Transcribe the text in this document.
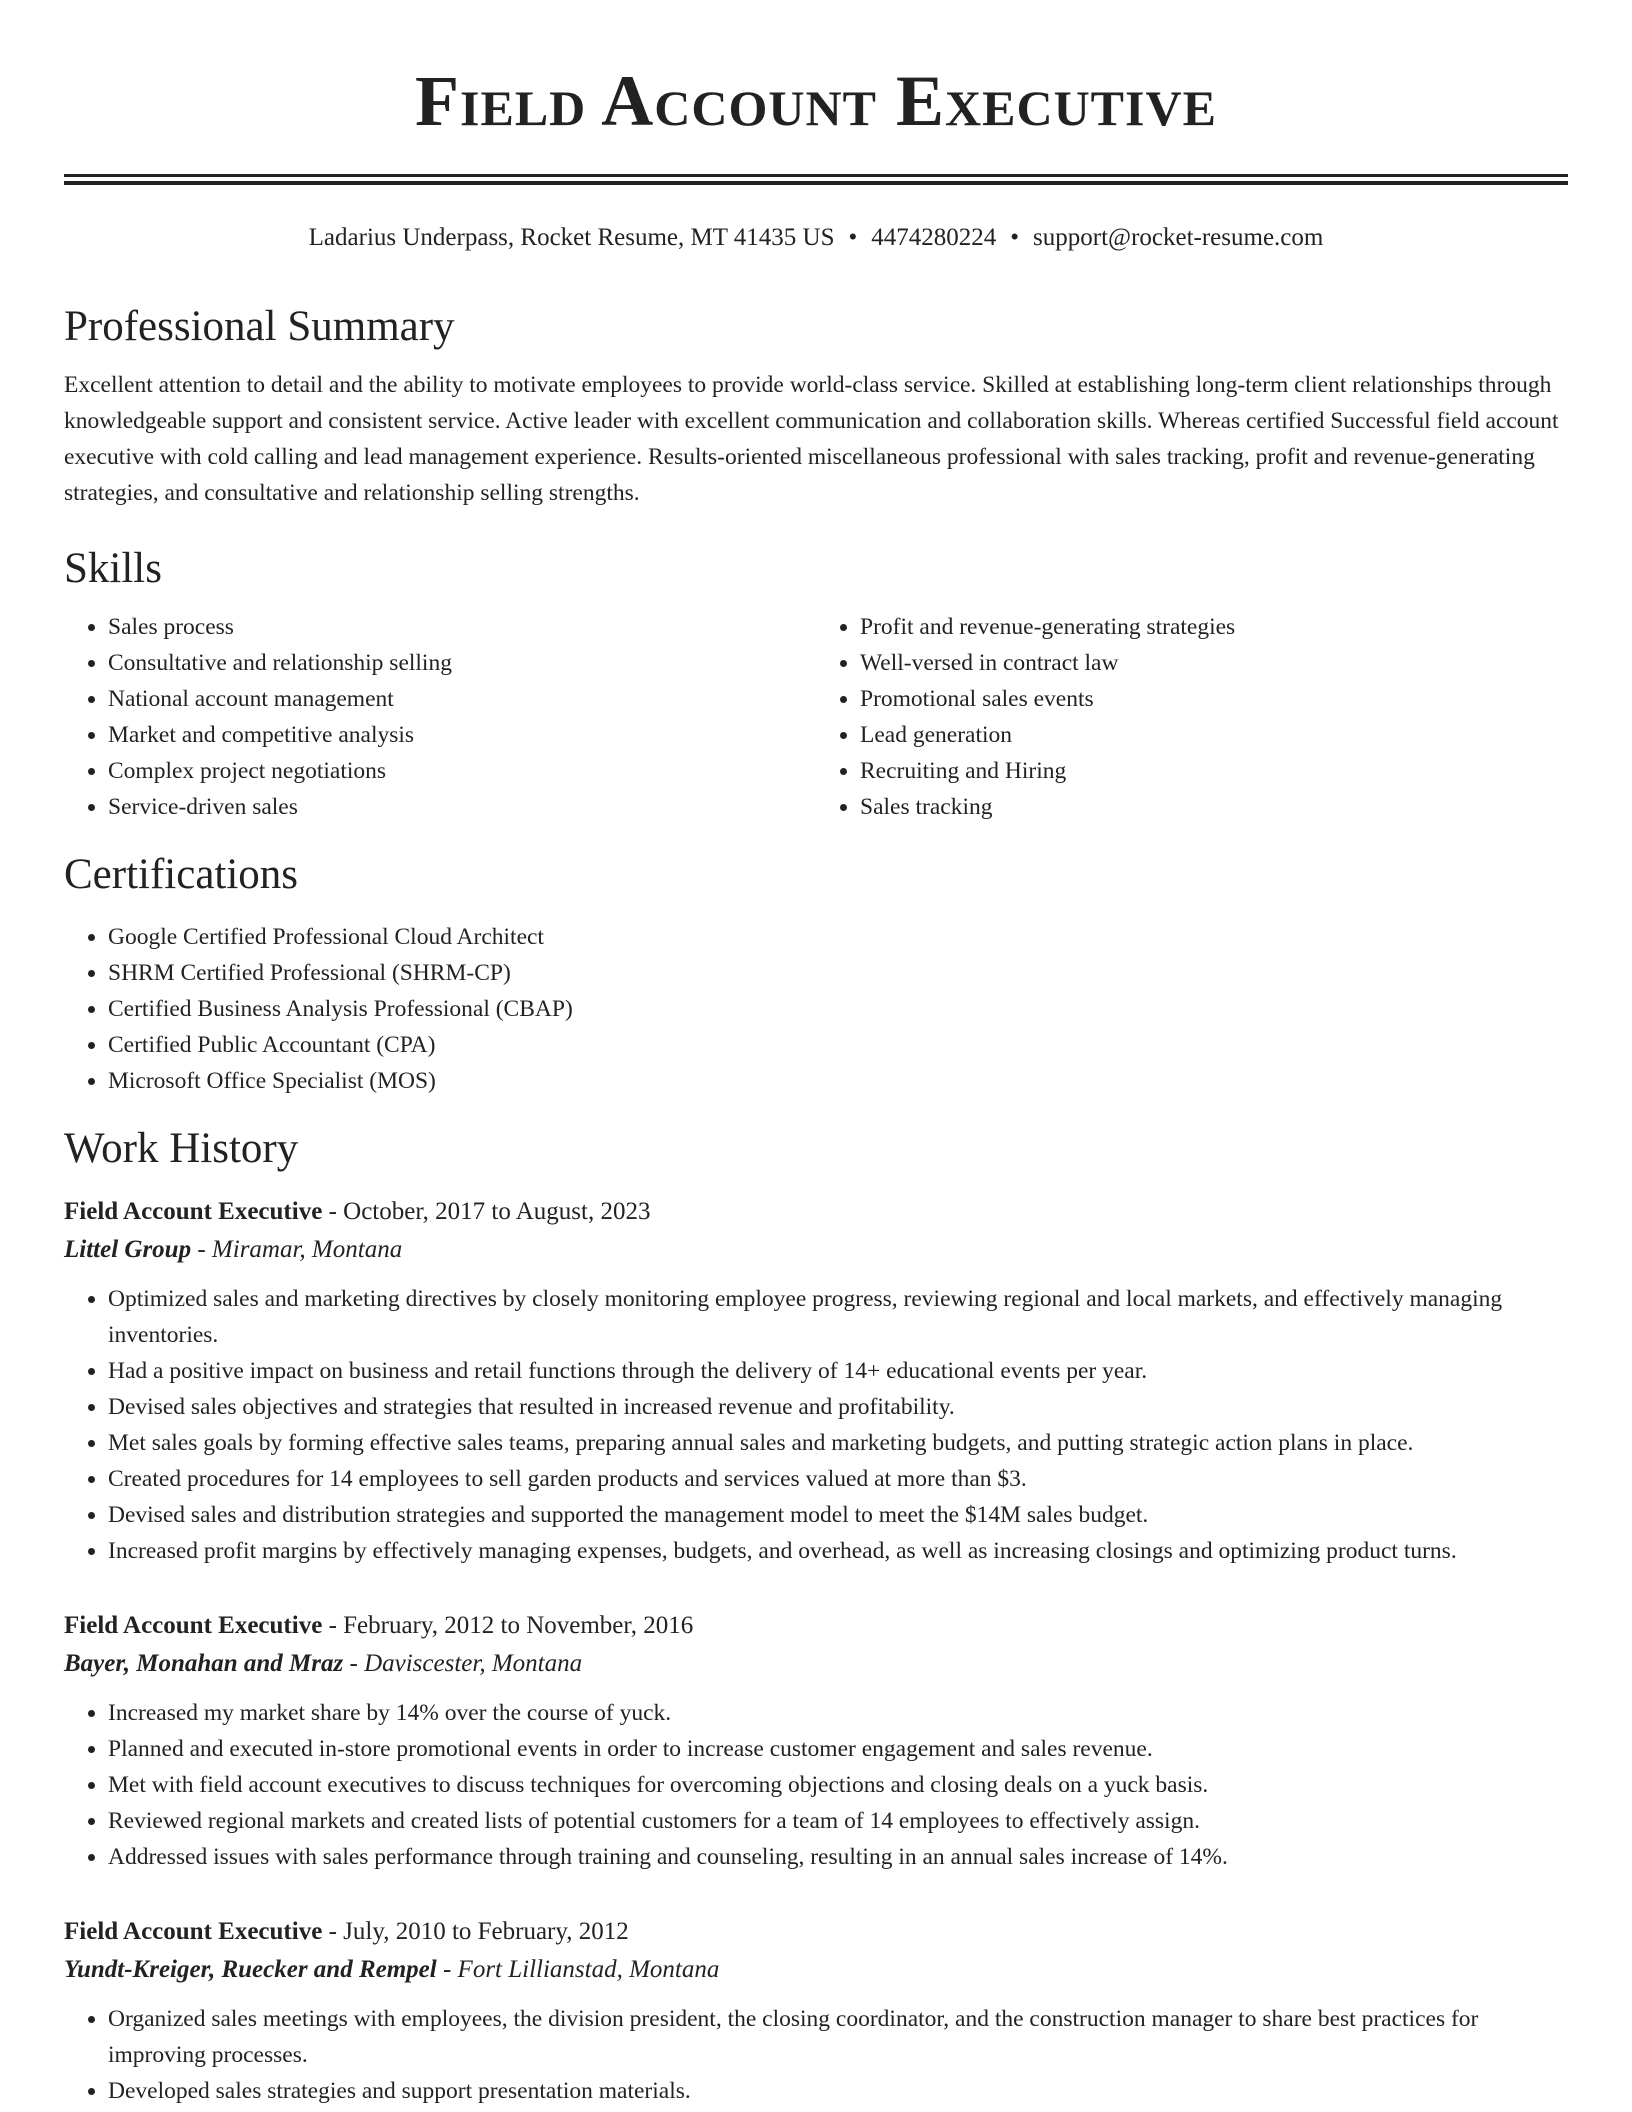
Field Account Executive
Ladarius Underpass, Rocket Resume, MT 41435 US • 4474280224 • support@rocket-resume.com
Professional Summary

Excellent attention to detail and the ability to motivate employees to provide world-class service. Skilled at establishing long-term client relationships through knowledgeable support and consistent service. Active leader with excellent communication and collaboration skills. Whereas certified Successful field account executive with cold calling and lead management experience. Results-oriented miscellaneous professional with sales tracking, profit and revenue-generating strategies, and consultative and relationship selling strengths.

Skills
• Sales process
• Consultative and relationship selling
• National account management
• Market and competitive analysis
• Complex project negotiations
• Service-driven sales
• Profit and revenue-generating strategies
• Well-versed in contract law
• Promotional sales events
• Lead generation
• Recruiting and Hiring
• Sales tracking
Certifications
• Google Certified Professional Cloud Architect
• SHRM Certified Professional (SHRM-CP)
• Certified Business Analysis Professional (CBAP)
• Certified Public Accountant (CPA)
• Microsoft Office Specialist (MOS)
Work History
Field Account Executive - October, 2017 to August, 2023
Littel Group - Miramar, Montana
• Optimized sales and marketing directives by closely monitoring employee progress, reviewing regional and local markets, and effectively managing inventories.
• Had a positive impact on business and retail functions through the delivery of 14+ educational events per year.
• Devised sales objectives and strategies that resulted in increased revenue and profitability.
• Met sales goals by forming effective sales teams, preparing annual sales and marketing budgets, and putting strategic action plans in place.
• Created procedures for 14 employees to sell garden products and services valued at more than $3.
• Devised sales and distribution strategies and supported the management model to meet the $14M sales budget.
• Increased profit margins by effectively managing expenses, budgets, and overhead, as well as increasing closings and optimizing product turns.
Field Account Executive - February, 2012 to November, 2016
Bayer, Monahan and Mraz - Daviscester, Montana
• Increased my market share by 14% over the course of yuck.
• Planned and executed in-store promotional events in order to increase customer engagement and sales revenue.
• Met with field account executives to discuss techniques for overcoming objections and closing deals on a yuck basis.
• Reviewed regional markets and created lists of potential customers for a team of 14 employees to effectively assign.
• Addressed issues with sales performance through training and counseling, resulting in an annual sales increase of 14%.
Field Account Executive - July, 2010 to February, 2012
Yundt-Kreiger, Ruecker and Rempel - Fort Lillianstad, Montana
• Organized sales meetings with employees, the division president, the closing coordinator, and the construction manager to share best practices for improving processes.
• Developed sales strategies and support presentation materials.
